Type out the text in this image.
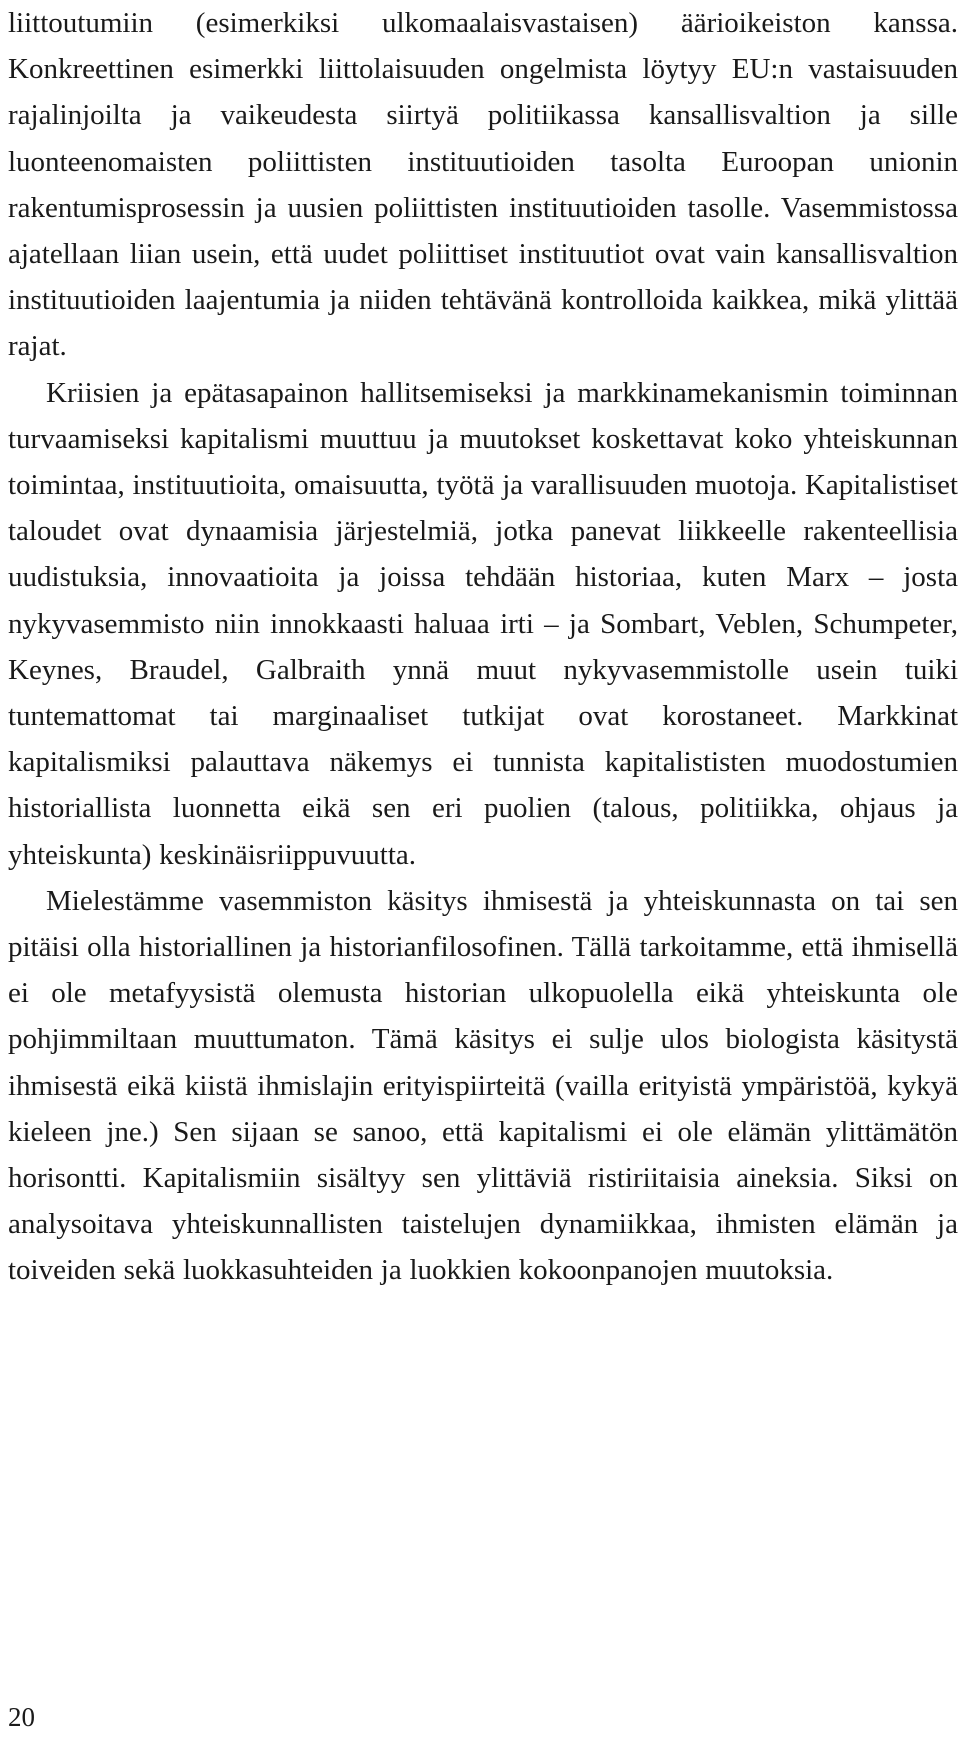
liittoutumiin (esimerkiksi ulkomaalaisvastaisen) äärioikeiston kanssa. Konkreettinen esimerkki liittolaisuuden ongelmista löytyy EU:n vastaisuuden rajalinjoilta ja vaikeudesta siirtyä politiikassa kansallisvaltion ja sille luonteenomaisten poliittisten instituutioiden tasolta Euroopan unionin rakentumisprosessin ja uusien poliittisten instituutioiden tasolle. Vasemmistossa ajatellaan liian usein, että uudet poliittiset instituutiot ovat vain kansallisvaltion instituutioiden laajentumia ja niiden tehtävänä kontrolloida kaikkea, mikä ylittää rajat.

Kriisien ja epätasapainon hallitsemiseksi ja markkinamekanismin toiminnan turvaamiseksi kapitalismi muuttuu ja muutokset koskettavat koko yhteiskunnan toimintaa, instituutioita, omaisuutta, työtä ja varallisuuden muotoja. Kapitalistiset taloudet ovat dynaamisia järjestelmiä, jotka panevat liikkeelle rakenteellisia uudistuksia, innovaatioita ja joissa tehdään historiaa, kuten Marx – josta nykyvasemmisto niin innokkaasti haluaa irti – ja Sombart, Veblen, Schumpeter, Keynes, Braudel, Galbraith ynnä muut nykyvasemmistolle usein tuiki tuntemattomat tai marginaaliset tutkijat ovat korostaneet. Markkinat kapitalismiksi palauttava näkemys ei tunnista kapitalististen muodostumien historiallista luonnetta eikä sen eri puolien (talous, politiikka, ohjaus ja yhteiskunta) keskinäisriippuvuutta.

Mielestämme vasemmiston käsitys ihmisestä ja yhteiskunnasta on tai sen pitäisi olla historiallinen ja historianfilosofinen. Tällä tarkoitamme, että ihmisellä ei ole metafyysistä olemusta historian ulkopuolella eikä yhteiskunta ole pohjimmiltaan muuttumaton. Tämä käsitys ei sulje ulos biologista käsitystä ihmisestä eikä kiistä ihmislajin erityispiirteitä (vailla erityistä ympäristöä, kykyä kieleen jne.) Sen sijaan se sanoo, että kapitalismi ei ole elämän ylittämätön horisontti. Kapitalismiin sisältyy sen ylittäviä ristiriitaisia aineksia. Siksi on analysoitava yhteiskunnallisten taistelujen dynamiikkaa, ihmisten elämän ja toiveiden sekä luokkasuhteiden ja luokkien kokoonpanojen muutoksia.

20
